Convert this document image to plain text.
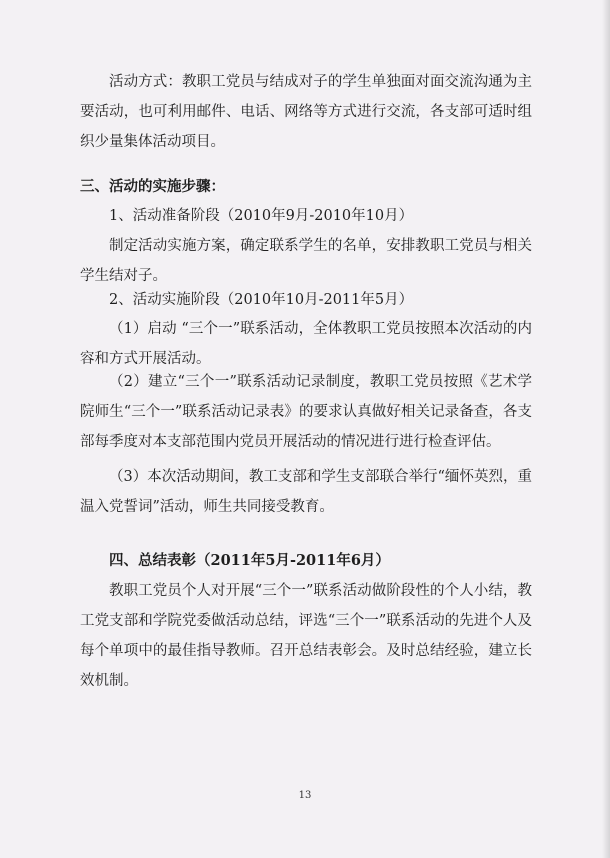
活动方式：教职工党员与结成对子的学生单独面对面交流沟通为主要活动，也可利用邮件、电话、网络等方式进行交流，各支部可适时组织少量集体活动项目。

三、活动的实施步骤：

1、活动准备阶段（2010年9月-2010年10月）

制定活动实施方案，确定联系学生的名单，安排教职工党员与相关学生结对子。

2、活动实施阶段（2010年10月-2011年5月）

（1）启动 “三个一”联系活动，全体教职工党员按照本次活动的内容和方式开展活动。

（2）建立“三个一”联系活动记录制度，教职工党员按照《艺术学院师生“三个一”联系活动记录表》的要求认真做好相关记录备查，各支部每季度对本支部范围内党员开展活动的情况进行进行检查评估。

（3）本次活动期间，教工支部和学生支部联合举行“缅怀英烈，重温入党誓词”活动，师生共同接受教育。

四、总结表彰（2011年5月-2011年6月）

教职工党员个人对开展“三个一”联系活动做阶段性的个人小结，教工党支部和学院党委做活动总结，评选“三个一”联系活动的先进个人及每个单项中的最佳指导教师。召开总结表彰会。及时总结经验，建立长效机制。

13
